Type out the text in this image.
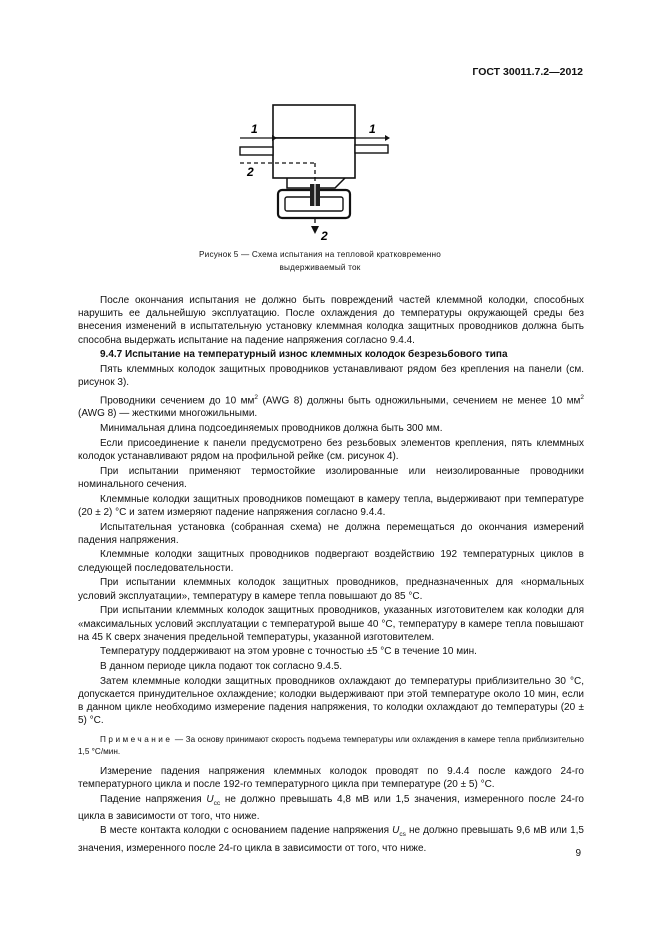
ГОСТ 30011.7.2—2012
1	1
2
2
Рисунок 5 — Схема испытания на тепловой кратковременно
выдерживаемый ток

После окончания испытания не должно быть повреждений частей клеммной колодки, способных нарушить ее дальнейшую эксплуатацию. После охлаждения до температуры окружающей среды без внесения изменений в испытательную установку клеммная колодка защитных проводников должна быть способна выдержать испытание на падение напряжения согласно 9.4.4.

9.4.7 Испытание на температурный износ клеммных колодок безрезьбового типа

Пять клеммных колодок защитных проводников устанавливают рядом без крепления на панели (см. рисунок 3).

Проводники сечением до 10 $мм^2$ (AWG 8) должны быть одножильными, сечением не менее 10 $мм^2$ (AWG 8) — жесткими многожильными.

Минимальная длина подсоединяемых проводников должна быть 300 мм.

Если присоединение к панели предусмотрено без резьбовых элементов крепления, пять клеммных колодок устанавливают рядом на профильной рейке (см. рисунок 4).

При испытании применяют термостойкие изолированные или неизолированные проводники номинального сечения.

Клеммные колодки защитных проводников помещают в камеру тепла, выдерживают при температуре (20 ± 2) °С и затем измеряют падение напряжения согласно 9.4.4.

Испытательная установка (собранная схема) не должна перемещаться до окончания измерений падения напряжения.

Клеммные колодки защитных проводников подвергают воздействию 192 температурных циклов в следующей последовательности.

При испытании клеммных колодок защитных проводников, предназначенных для «нормальных условий эксплуатации», температуру в камере тепла повышают до 85 °С.

При испытании клеммных колодок защитных проводников, указанных изготовителем как колодки для «максимальных условий эксплуатации с температурой выше 40 °С, температуру в камере тепла повышают на 45 К сверх значения предельной температуры, указанной изготовителем.

Температуру поддерживают на этом уровне с точностью ±5 °С в течение 10 мин.

В данном периоде цикла подают ток согласно 9.4.5.

Затем клеммные колодки защитных проводников охлаждают до температуры приблизительно 30 °С, допускается принудительное охлаждение; колодки выдерживают при этой температуре около 10 мин, если в данном цикле необходимо измерение падения напряжения, то колодки охлаждают до температуры (20 ± 5) °С.

Примечание — За основу принимают скорость подъема температуры или охлаждения в камере тепла приблизительно 1,5 °С/мин.

Измерение падения напряжения клеммных колодок проводят по 9.4.4 после каждого 24-го температурного цикла и после 192-го температурного цикла при температуре (20 ± 5) °С.

Падение напряжения $U_{cc}$ не должно превышать 4,8 мВ или 1,5 значения, измеренного после 24-го цикла в зависимости от того, что ниже.

В месте контакта колодки с основанием падение напряжения $U_{cs}$ не должно превышать 9,6 мВ или 1,5 значения, измеренного после 24-го цикла в зависимости от того, что ниже.	9
